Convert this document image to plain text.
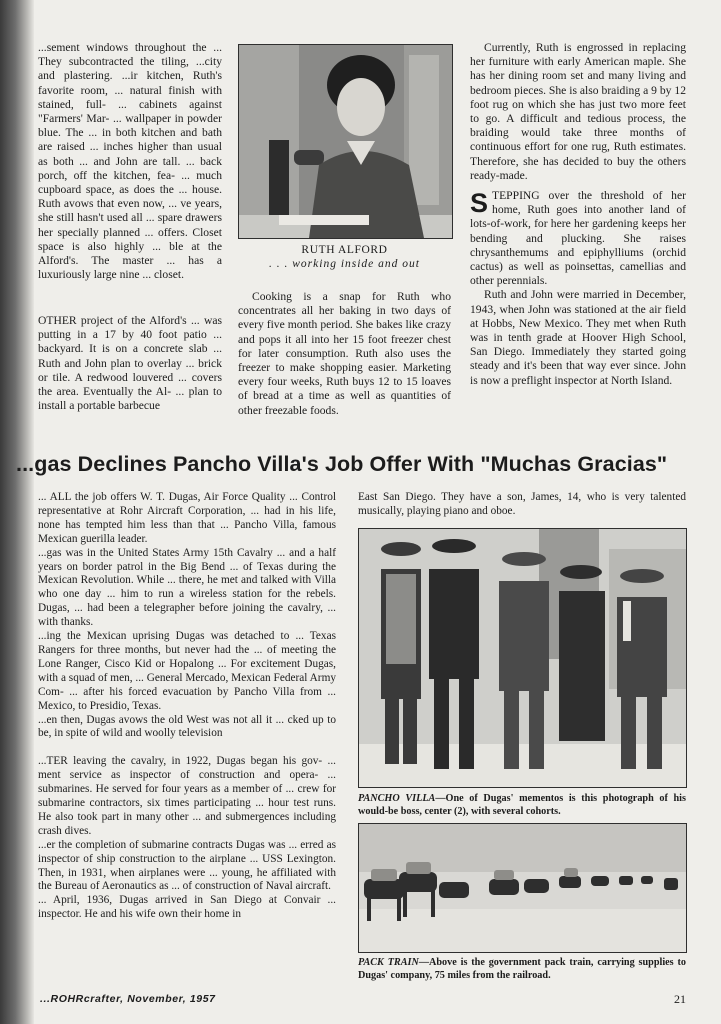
...sement windows throughout the ... They subcontracted the tiling, ...city and plastering. ...ir kitchen, Ruth's favorite room, ... natural finish with stained, full- ... cabinets against "Farmers' Mar- ... wallpaper in powder blue. The ... in both kitchen and bath are raised ... inches higher than usual as both ... and John are tall. ... back porch, off the kitchen, fea- ... much cupboard space, as does the ... house. Ruth avows that even now, ... ve years, she still hasn't used all ... spare drawers her specially planned ... offers. Closet space is also highly ... ble at the Alford's. The master ... has a luxuriously large nine ... closet.

OTHER project of the Alford's ... was putting in a 17 by 40 foot patio ... backyard. It is on a concrete slab ... Ruth and John plan to overlay ... brick or tile. A redwood louvered ... covers the area. Eventually the Al- ... plan to install a portable barbecue

RUTH ALFORD
. . . working inside and out

Cooking is a snap for Ruth who concentrates all her baking in two days of every five month period. She bakes like crazy and pops it all into her 15 foot freezer chest for later consumption. Ruth also uses the freezer to make shopping easier. Marketing every four weeks, Ruth buys 12 to 15 loaves of bread at a time as well as quantities of other freezable foods.

Currently, Ruth is engrossed in replacing her furniture with early American maple. She has her dining room set and many living and bedroom pieces. She is also braiding a 9 by 12 foot rug on which she has just two more feet to go. A difficult and tedious process, the braiding would take three months of continuous effort for one rug, Ruth estimates. Therefore, she has decided to buy the others ready-made.

STEPPING over the threshold of her home, Ruth goes into another land of lots-of-work, for here her gardening keeps her bending and plucking. She raises chrysanthemums and epiphylliums (orchid cactus) as well as poinsettas, camellias and other perennials.

Ruth and John were married in December, 1943, when John was stationed at the air field at Hobbs, New Mexico. They met when Ruth was in tenth grade at Hoover High School, San Diego. Immediately they started going steady and it's been that way ever since. John is now a preflight inspector at North Island.

...gas Declines Pancho Villa's Job Offer With "Muchas Gracias"

... ALL the job offers W. T. Dugas, Air Force Quality ... Control representative at Rohr Aircraft Corporation, ... had in his life, none has tempted him less than that ... Pancho Villa, famous Mexican guerilla leader.

...gas was in the United States Army 15th Cavalry ... and a half years on border patrol in the Big Bend ... of Texas during the Mexican Revolution. While ... there, he met and talked with Villa who one day ... him to run a wireless station for the rebels. Dugas, ... had been a telegrapher before joining the cavalry, ... with thanks.

...ing the Mexican uprising Dugas was detached to ... Texas Rangers for three months, but never had the ... of meeting the Lone Ranger, Cisco Kid or Hopalong ... For excitement Dugas, with a squad of men, ... General Mercado, Mexican Federal Army Com- ... after his forced evacuation by Pancho Villa from ... Mexico, to Presidio, Texas.

...en then, Dugas avows the old West was not all it ... cked up to be, in spite of wild and woolly television

...TER leaving the cavalry, in 1922, Dugas began his gov- ... ment service as inspector of construction and opera- ... submarines. He served for four years as a member of ... crew for submarine contractors, six times participating ... hour test runs. He also took part in many other ... and submergences including crash dives.

...er the completion of submarine contracts Dugas was ... erred as inspector of ship construction to the airplane ... USS Lexington. Then, in 1931, when airplanes were ... young, he affiliated with the Bureau of Aeronautics as ... of construction of Naval aircraft.

... April, 1936, Dugas arrived in San Diego at Convair ... inspector. He and his wife own their home in

East San Diego. They have a son, James, 14, who is very talented musically, playing piano and oboe.

PANCHO VILLA—One of Dugas' mementos is this photograph of his would-be boss, center (2), with several cohorts.
PACK TRAIN—Above is the government pack train, carrying supplies to Dugas' company, 75 miles from the railroad.
...ROHRcrafter, November, 1957	21
